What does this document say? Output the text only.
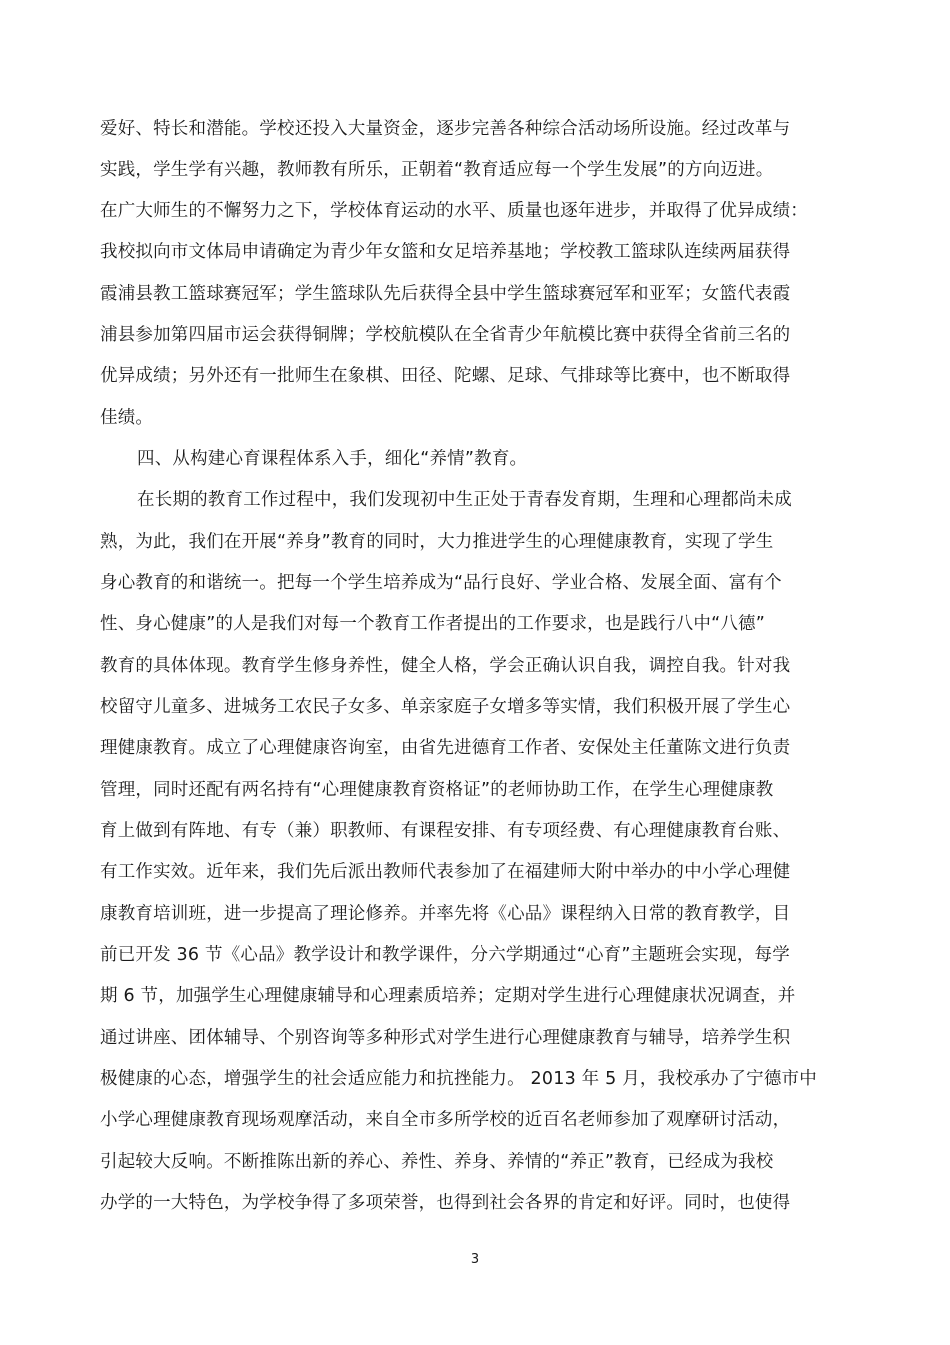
爱好、特长和潜能。学校还投入大量资金，逐步完善各种综合活动场所设施。经过改革与
实践，学生学有兴趣，教师教有所乐，正朝着“教育适应每一个学生发展”的方向迈进。
在广大师生的不懈努力之下，学校体育运动的水平、质量也逐年进步，并取得了优异成绩：
我校拟向市文体局申请确定为青少年女篮和女足培养基地；学校教工篮球队连续两届获得
霞浦县教工篮球赛冠军；学生篮球队先后获得全县中学生篮球赛冠军和亚军；女篮代表霞
浦县参加第四届市运会获得铜牌；学校航模队在全省青少年航模比赛中获得全省前三名的
优异成绩；另外还有一批师生在象棋、田径、陀螺、足球、气排球等比赛中，也不断取得
佳绩。
四、从构建心育课程体系入手，细化“养情”教育。
在长期的教育工作过程中，我们发现初中生正处于青春发育期，生理和心理都尚未成
熟，为此，我们在开展“养身”教育的同时，大力推进学生的心理健康教育，实现了学生
身心教育的和谐统一。把每一个学生培养成为“品行良好、学业合格、发展全面、富有个
性、身心健康”的人是我们对每一个教育工作者提出的工作要求，也是践行八中“八德”
教育的具体体现。教育学生修身养性，健全人格，学会正确认识自我，调控自我。针对我
校留守儿童多、进城务工农民子女多、单亲家庭子女增多等实情，我们积极开展了学生心
理健康教育。成立了心理健康咨询室，由省先进德育工作者、安保处主任董陈文进行负责
管理，同时还配有两名持有“心理健康教育资格证”的老师协助工作，在学生心理健康教
育上做到有阵地、有专（兼）职教师、有课程安排、有专项经费、有心理健康教育台账、
有工作实效。近年来，我们先后派出教师代表参加了在福建师大附中举办的中小学心理健
康教育培训班，进一步提高了理论修养。并率先将《心品》课程纳入日常的教育教学，目
前已开发 36 节《心品》教学设计和教学课件，分六学期通过“心育”主题班会实现，每学
期 6 节，加强学生心理健康辅导和心理素质培养；定期对学生进行心理健康状况调查，并
通过讲座、团体辅导、个别咨询等多种形式对学生进行心理健康教育与辅导，培养学生积
极健康的心态，增强学生的社会适应能力和抗挫能力。 2013 年 5 月，我校承办了宁德市中
小学心理健康教育现场观摩活动，来自全市多所学校的近百名老师参加了观摩研讨活动，
引起较大反响。不断推陈出新的养心、养性、养身、养情的“养正”教育，已经成为我校
办学的一大特色，为学校争得了多项荣誉，也得到社会各界的肯定和好评。同时，也使得
3
